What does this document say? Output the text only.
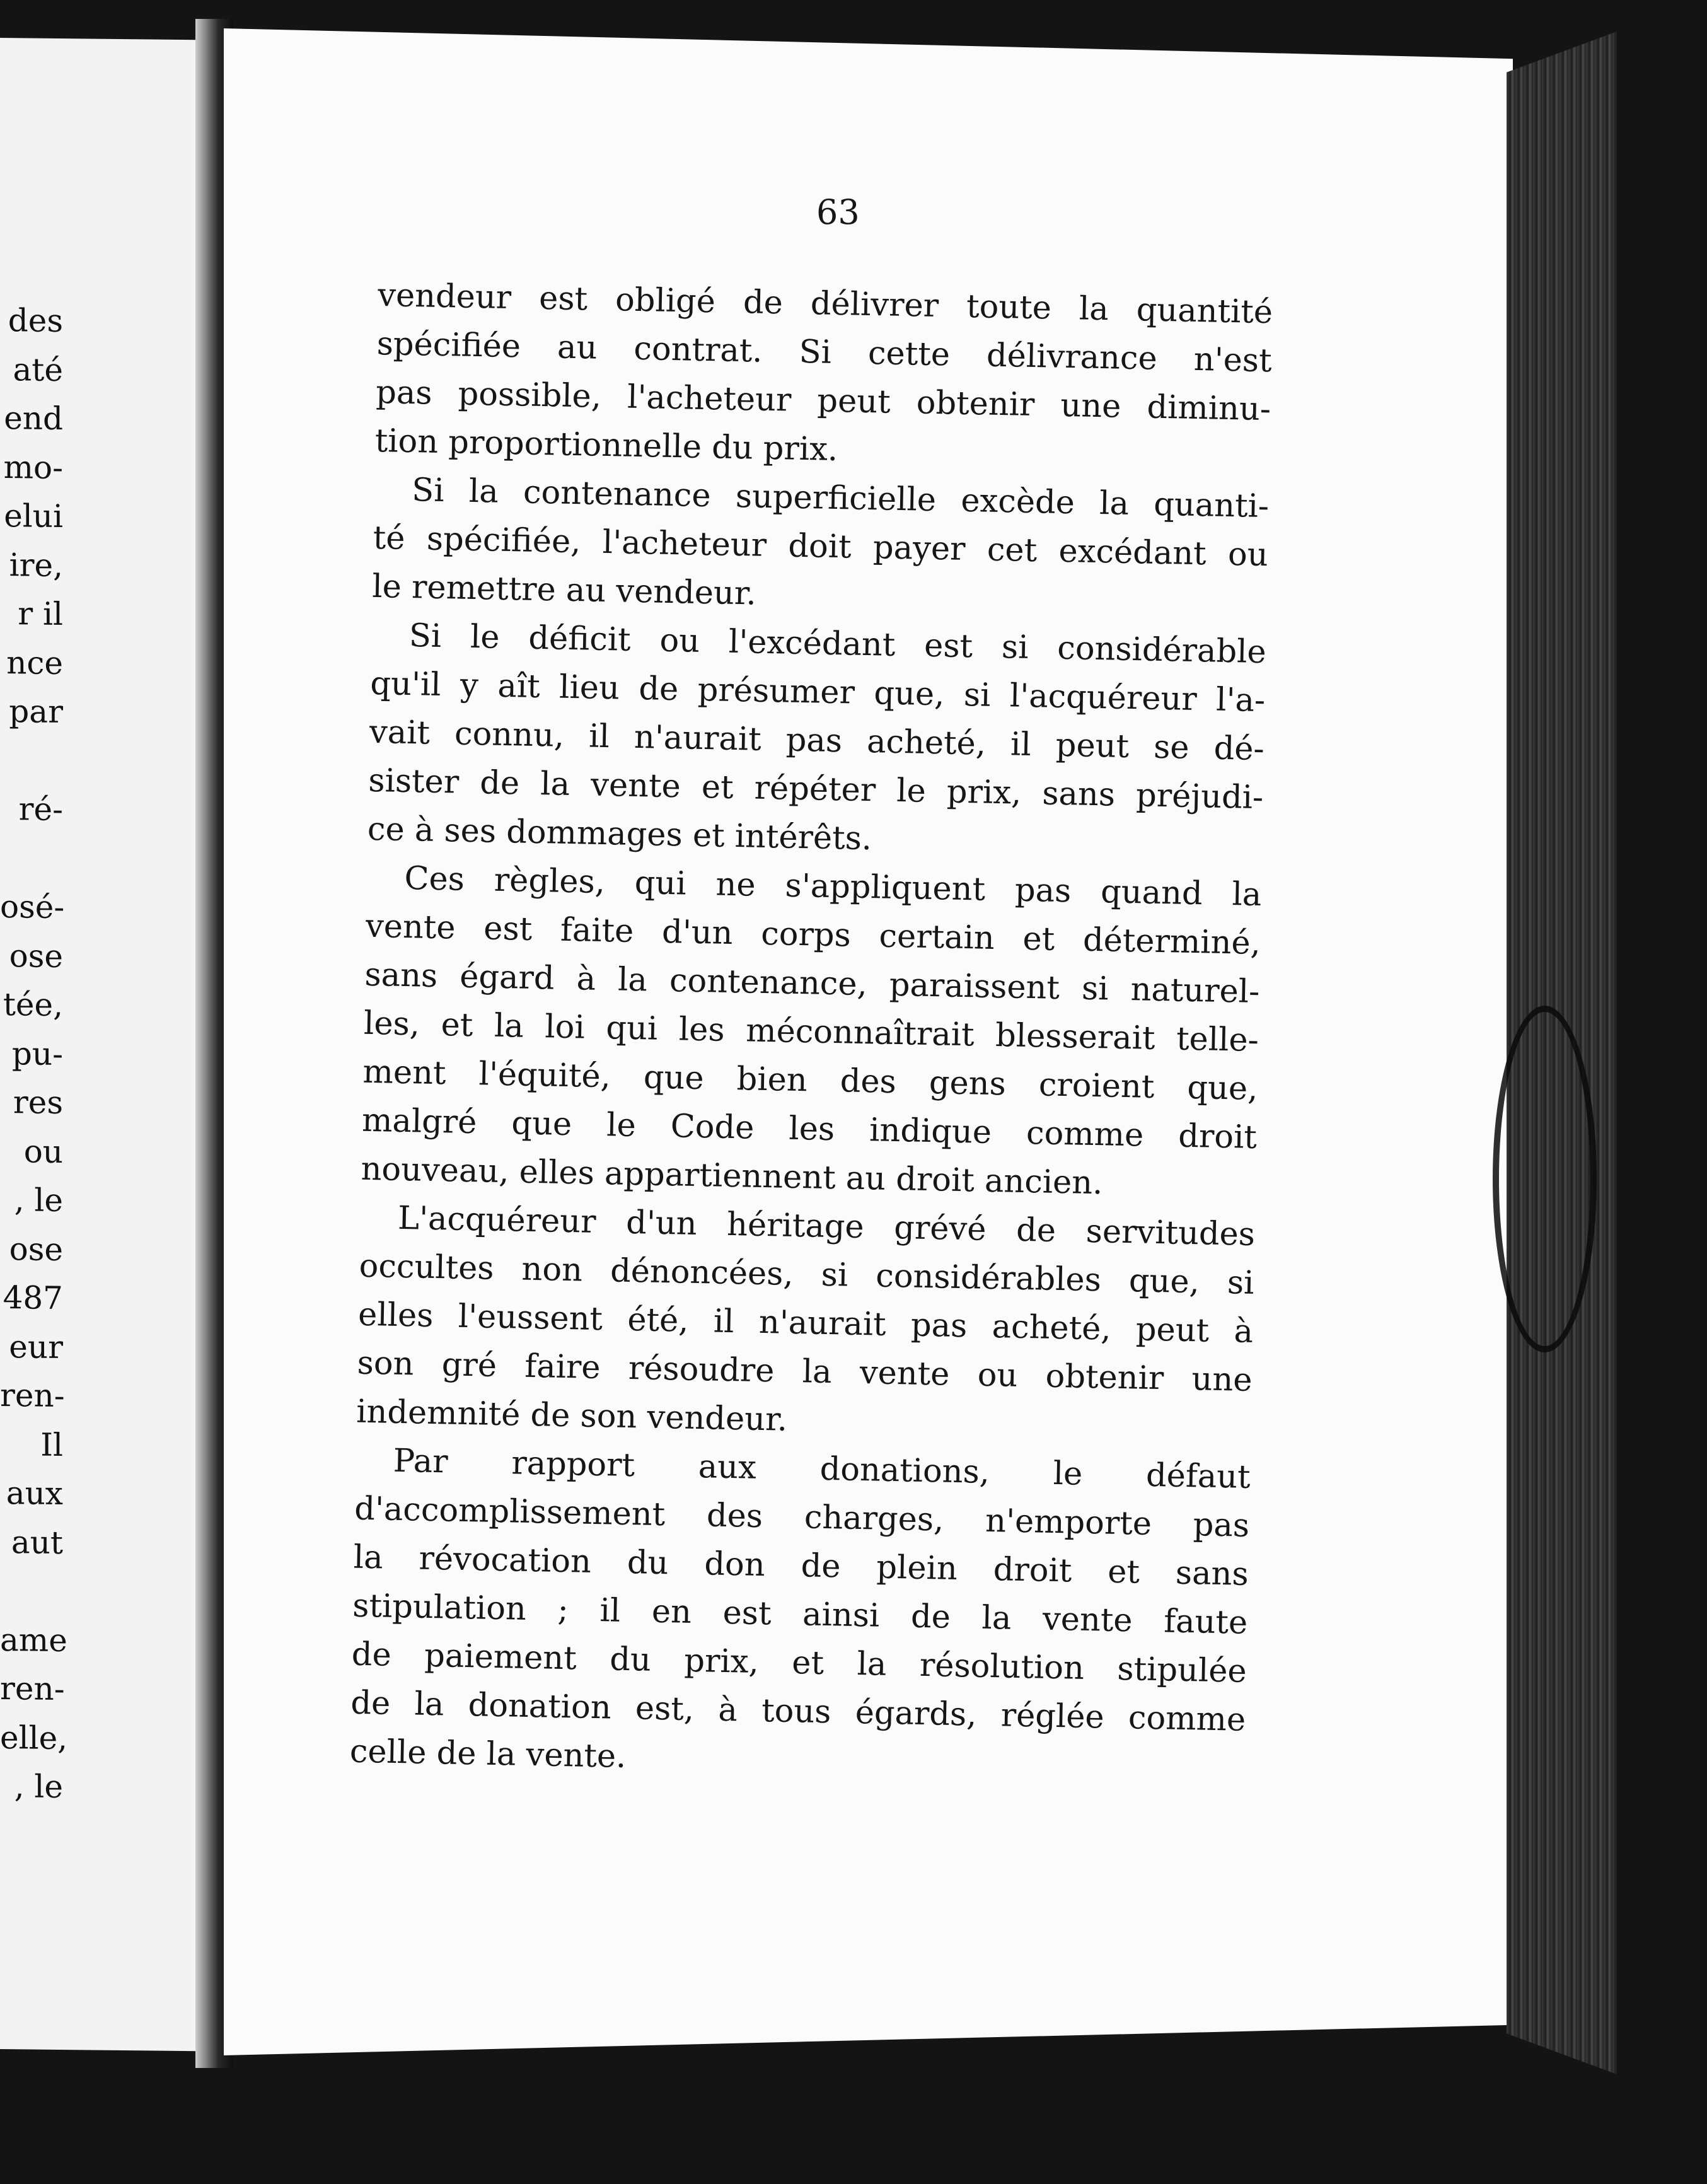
des
até
end
mo-
elui
ire,
r il
nce
par
ré-
osé-
ose
tée,
pu-
res
ou
, le
ose
487
eur
ren-
Il
aux
aut
ame
ren-
elle,
, le
63
vendeur est obligé de délivrer toute la quantité
spécifiée au contrat. Si cette délivrance n'est
pas possible, l'acheteur peut obtenir une diminu-
tion proportionnelle du prix.
Si la contenance superficielle excède la quanti-
té spécifiée, l'acheteur doit payer cet excédant ou
le remettre au vendeur.
Si le déficit ou l'excédant est si considérable
qu'il y aît lieu de présumer que, si l'acquéreur l'a-
vait connu, il n'aurait pas acheté, il peut se dé-
sister de la vente et répéter le prix, sans préjudi-
ce à ses dommages et intérêts.
Ces règles, qui ne s'appliquent pas quand la
vente est faite d'un corps certain et déterminé,
sans égard à la contenance, paraissent si naturel-
les, et la loi qui les méconnaîtrait blesserait telle-
ment l'équité, que bien des gens croient que,
malgré que le Code les indique comme droit
nouveau, elles appartiennent au droit ancien.
L'acquéreur d'un héritage grévé de servitudes
occultes non dénoncées, si considérables que, si
elles l'eussent été, il n'aurait pas acheté, peut à
son gré faire résoudre la vente ou obtenir une
indemnité de son vendeur.
Par rapport aux donations, le défaut
d'accomplissement des charges, n'emporte pas
la révocation du don de plein droit et sans
stipulation ; il en est ainsi de la vente faute
de paiement du prix, et la résolution stipulée
de la donation est, à tous égards, réglée comme
celle de la vente.
